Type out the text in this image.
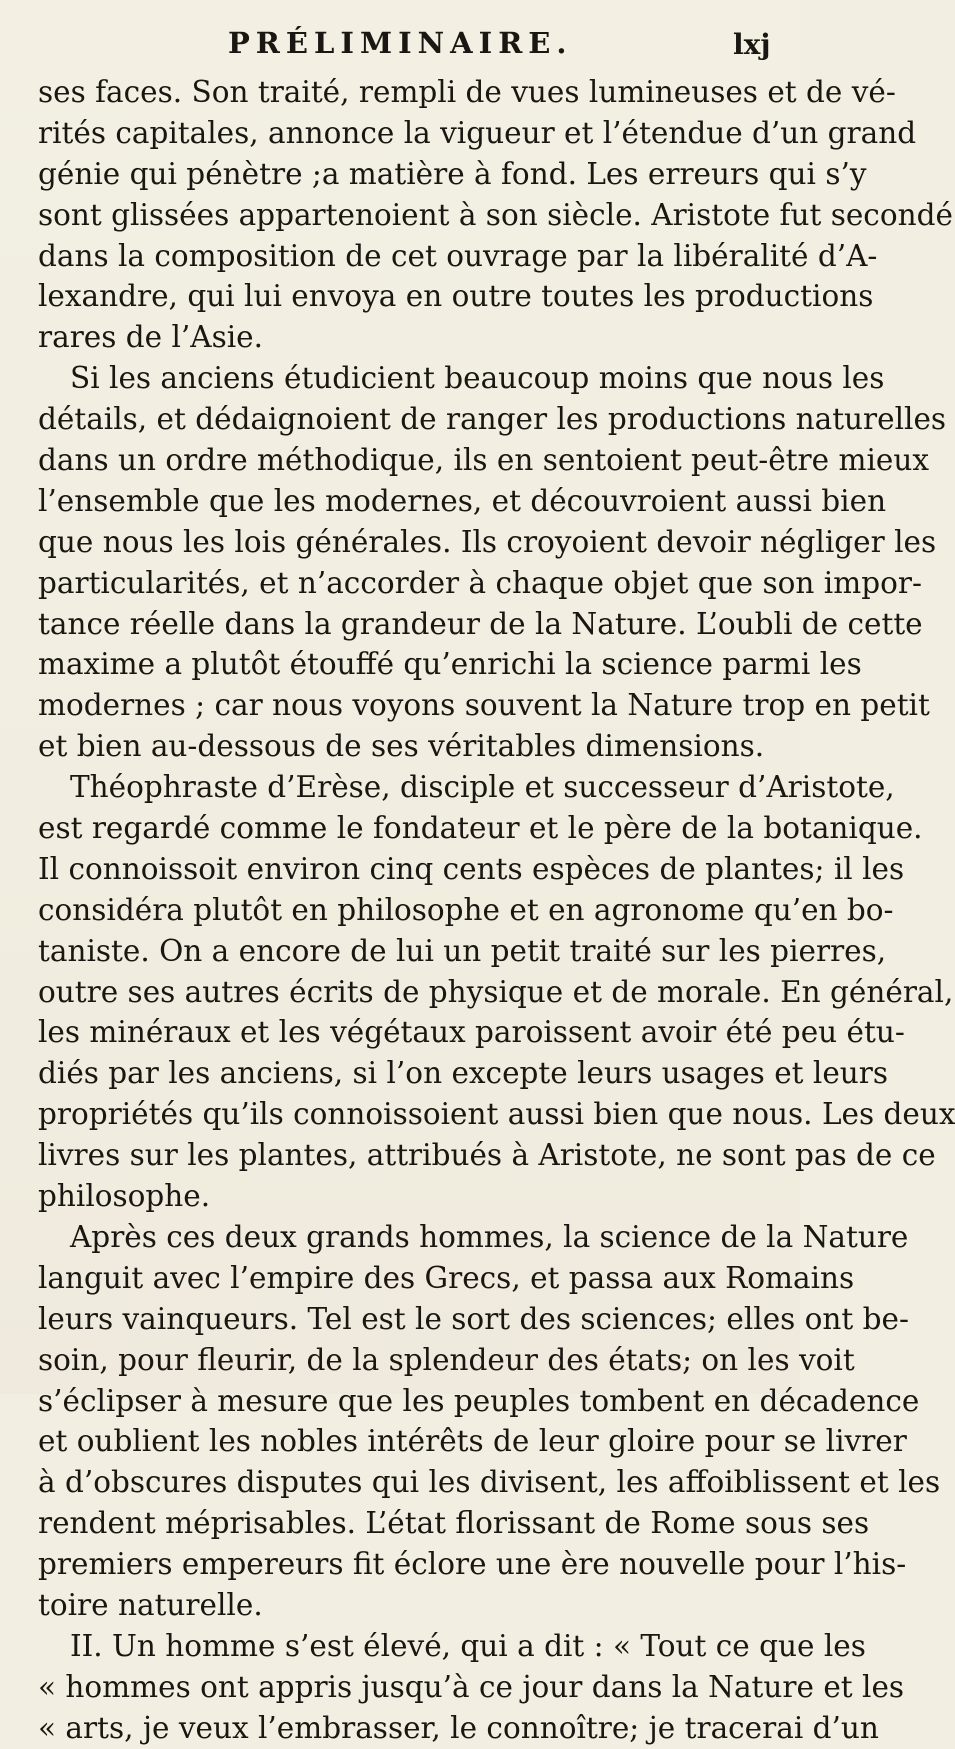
PRÉLIMINAIRE.	lxj
ses faces. Son traité, rempli de vues lumineuses et de vé-
rités capitales, annonce la vigueur et l’étendue d’un grand
génie qui pénètre ;a matière à fond. Les erreurs qui s’y
sont glissées appartenoient à son siècle. Aristote fut secondé
dans la composition de cet ouvrage par la libéralité d’A-
lexandre, qui lui envoya en outre toutes les productions
rares de l’Asie.
Si les anciens étudicient beaucoup moins que nous les
détails, et dédaignoient de ranger les productions naturelles
dans un ordre méthodique, ils en sentoient peut-être mieux
l’ensemble que les modernes, et découvroient aussi bien
que nous les lois générales. Ils croyoient devoir négliger les
particularités, et n’accorder à chaque objet que son impor-
tance réelle dans la grandeur de la Nature. L’oubli de cette
maxime a plutôt étouffé qu’enrichi la science parmi les
modernes ; car nous voyons souvent la Nature trop en petit
et bien au-dessous de ses véritables dimensions.
Théophraste d’Erèse, disciple et successeur d’Aristote,
est regardé comme le fondateur et le père de la botanique.
Il connoissoit environ cinq cents espèces de plantes; il les
considéra plutôt en philosophe et en agronome qu’en bo-
taniste. On a encore de lui un petit traité sur les pierres,
outre ses autres écrits de physique et de morale. En général,
les minéraux et les végétaux paroissent avoir été peu étu-
diés par les anciens, si l’on excepte leurs usages et leurs
propriétés qu’ils connoissoient aussi bien que nous. Les deux
livres sur les plantes, attribués à Aristote, ne sont pas de ce
philosophe.
Après ces deux grands hommes, la science de la Nature
languit avec l’empire des Grecs, et passa aux Romains
leurs vainqueurs. Tel est le sort des sciences; elles ont be-
soin, pour fleurir, de la splendeur des états; on les voit
s’éclipser à mesure que les peuples tombent en décadence
et oublient les nobles intérêts de leur gloire pour se livrer
à d’obscures disputes qui les divisent, les affoiblissent et les
rendent méprisables. L’état florissant de Rome sous ses
premiers empereurs fit éclore une ère nouvelle pour l’his-
toire naturelle.
II. Un homme s’est élevé, qui a dit : « Tout ce que les
« hommes ont appris jusqu’à ce jour dans la Nature et les
« arts, je veux l’embrasser, le connoître; je tracerai d’un
